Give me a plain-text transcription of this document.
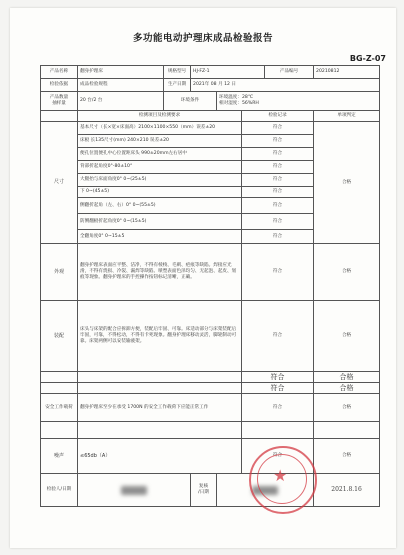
多功能电动护理床成品检验报告
BG-Z-07
产品名称	翻身护理床	规格型号	HJ-FZ-1			产品编号	20210812
检验依据	成品检验规程	生产日期	2021年 08 月 12 日				
产品数量
抽样量	20 台/2 台	环境条件		环境温度：28℃
相对湿度：56%RH			
	检测项目及检测要求				检验记录		单项判定
尺寸	基本尺寸（长×宽×床面高）2100×1100×550（mm）误差±20				符合		合格
	床板 长135尺寸(mm) 240×210 误差±20				符合		
	便孔位置便孔中心位置距床头 990±20mm左右居中				符合		
	背部折起角度0°-80±10°				符合		
	大腿抬与床面角度0° 0~(25±5)				符合		
	下 0~(45±5)				符合		
	侧翻折起角（左、右）0° 0~(55±5)				符合		
	防侧翻板折起角度0° 0~(15±5)				符合		
	全翻角度0° 0~15±5				符合		
外观	翻身护理床表面应平整、洁净，不得有棱棱、毛刺、疤痕等缺陷。焊接应光滑，不得有烧损、冷裂、漏焊等缺陷。喷塑表面色泽均匀、无起泡、起皮、划痕等现象。翻身护理床的手控操作按钮标记清晰，正确。				符合		合格
装配	床头与床架的配合应拆卸方便，装配后牢固、可靠。床适动部分与床架装配后牢固，可靠，不得松动，不得有卡死现象。翻身护理床移动灵活，脚轮制动可靠。床架两侧可以安装输液架。				符合		合格
					符合		合格
					符合		合格
安全工作载荷	翻身护理床至少在承受 1700N 的安全工作载荷下应能正常工作				符合		合格

噪声	≤65db（A）				符合		合格
检验人/日期			复核
/日期				2021.8.16
★
